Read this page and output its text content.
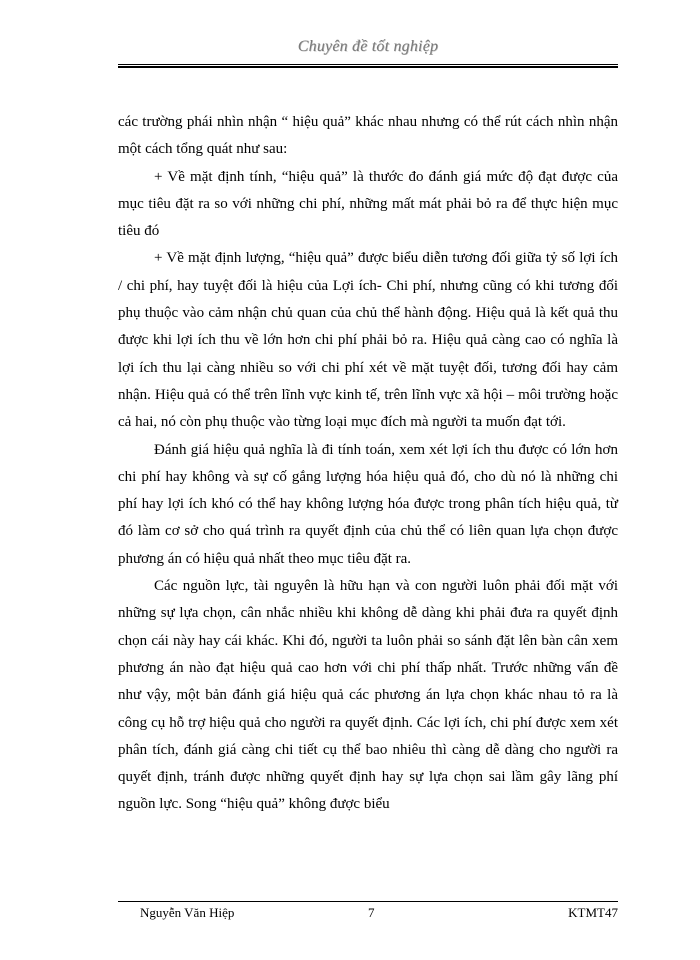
Chuyên đề tốt nghiệp

các trường phái nhìn nhận “ hiệu quả” khác nhau nhưng có thể rút cách nhìn nhận một cách tổng quát như sau:

+ Về mặt định tính, “hiệu quả” là thước đo đánh giá mức độ đạt được của mục tiêu đặt ra so với những chi phí, những mất mát phải bỏ ra để thực hiện mục tiêu đó

+ Về mặt định lượng, “hiệu quả” được biểu diễn tương đối giữa tỷ số lợi ích / chi phí, hay tuyệt đối là hiệu của Lợi ích- Chi phí, nhưng cũng có khi tương đối phụ thuộc vào cảm nhận chủ quan của chủ thể hành động. Hiệu quả là kết quả thu được khi lợi ích thu về lớn hơn chi phí phải bỏ ra. Hiệu quả càng cao có nghĩa là lợi ích thu lại càng nhiều so với chi phí xét về mặt tuyệt đối, tương đối hay cảm nhận. Hiệu quả có thể trên lĩnh vực kinh tế, trên lĩnh vực xã hội – môi trường hoặc cả hai, nó còn phụ thuộc vào từng loại mục đích mà người ta muốn đạt tới.

Đánh giá hiệu quả nghĩa là đi tính toán, xem xét lợi ích thu được có lớn hơn chi phí hay không và sự cố gắng lượng hóa hiệu quả đó, cho dù nó là những chi phí hay lợi ích khó có thể hay không lượng hóa được trong phân tích hiệu quả, từ đó làm cơ sở cho quá trình ra quyết định của chủ thể có liên quan lựa chọn được phương án có hiệu quả nhất theo mục tiêu đặt ra.

Các nguồn lực, tài nguyên là hữu hạn và con người luôn phải đối mặt với những sự lựa chọn, cân nhắc nhiều khi không dễ dàng khi phải đưa ra quyết định chọn cái này hay cái khác. Khi đó, người ta luôn phải so sánh đặt lên bàn cân xem phương án nào đạt hiệu quả cao hơn với chi phí thấp nhất. Trước những vấn đề như vậy, một bản đánh giá hiệu quả các phương án lựa chọn khác nhau tỏ ra là công cụ hỗ trợ hiệu quả cho người ra quyết định. Các lợi ích, chi phí được xem xét phân tích, đánh giá càng chi tiết cụ thể bao nhiêu thì càng dễ dàng cho người ra quyết định, tránh được những quyết định hay sự lựa chọn sai lầm gây lãng phí nguồn lực. Song “hiệu quả” không được biểu

Nguyễn Văn Hiệp	7	KTMT47
